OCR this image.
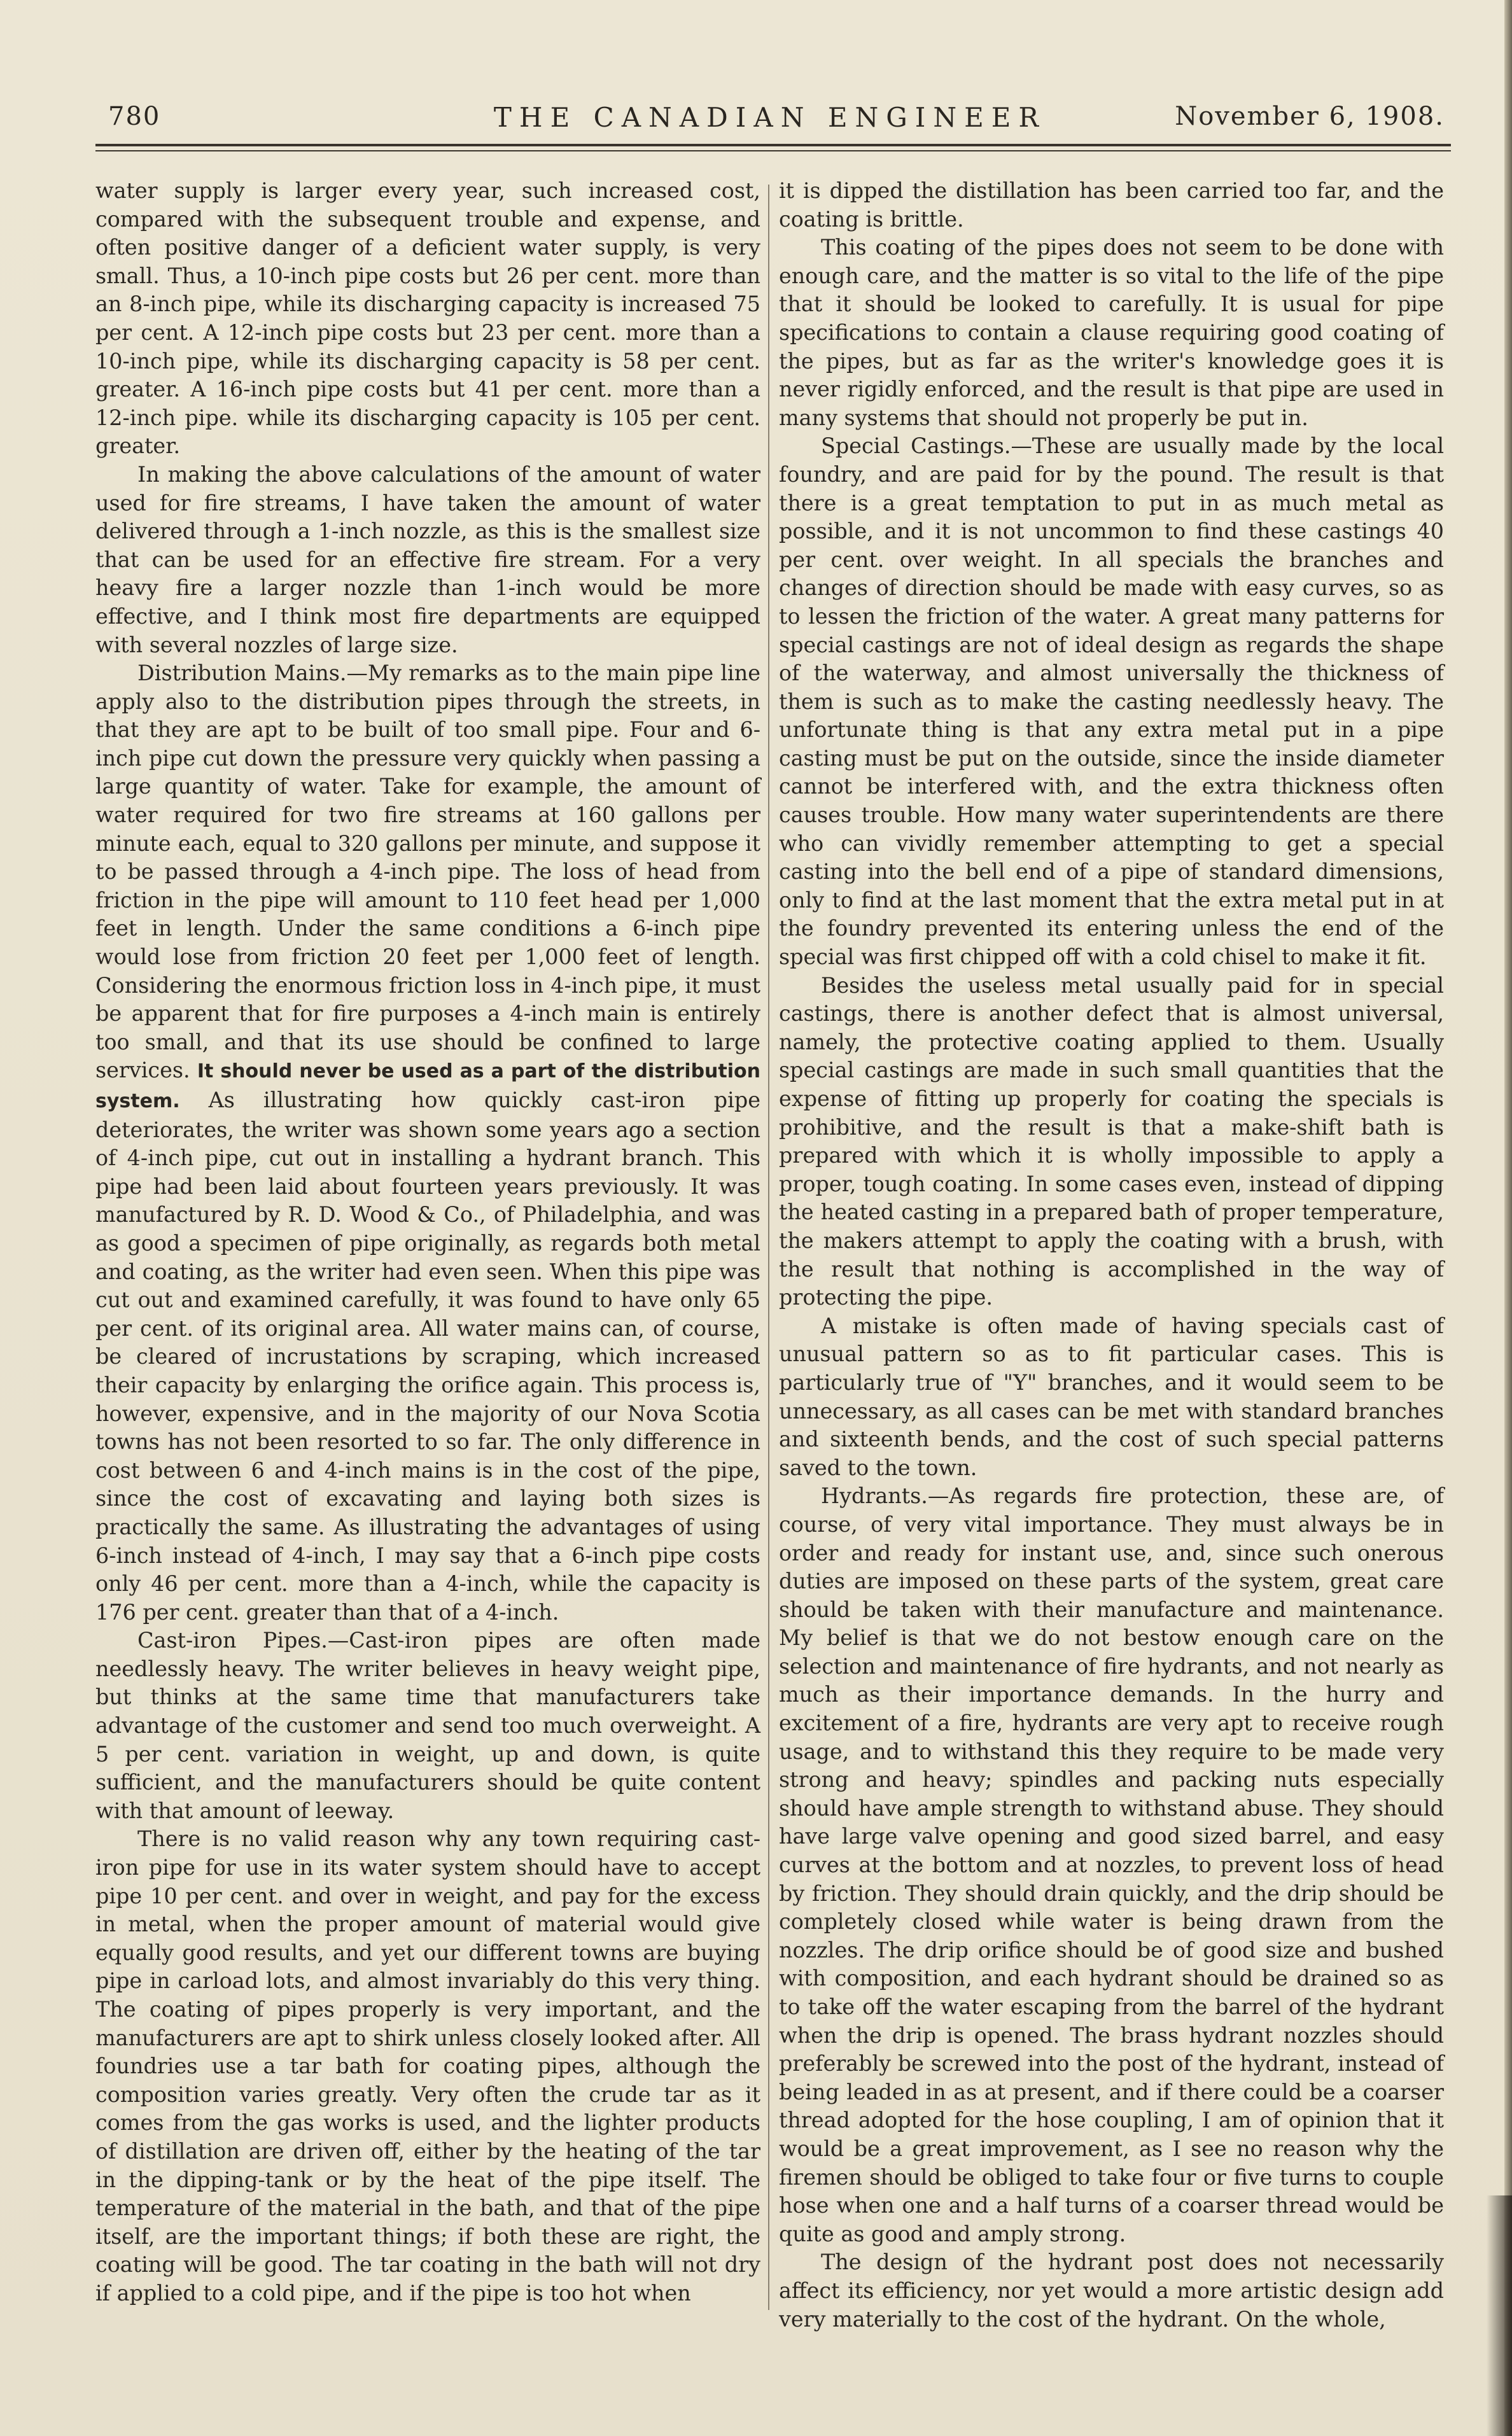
780	THE CANADIAN ENGINEER	November 6, 1908.

water supply is larger every year, such increased cost, compared with the subsequent trouble and expense, and often positive danger of a deficient water supply, is very small. Thus, a 10-inch pipe costs but 26 per cent. more than an 8-inch pipe, while its discharging capacity is increased 75 per cent. A 12-inch pipe costs but 23 per cent. more than a 10-inch pipe, while its discharging capacity is 58 per cent. greater. A 16-inch pipe costs but 41 per cent. more than a 12-inch pipe. while its discharging capacity is 105 per cent. greater.

In making the above calculations of the amount of water used for fire streams, I have taken the amount of water delivered through a 1-inch nozzle, as this is the smallest size that can be used for an effective fire stream. For a very heavy fire a larger nozzle than 1-inch would be more effective, and I think most fire departments are equipped with several nozzles of large size.

Distribution Mains.—My remarks as to the main pipe line apply also to the distribution pipes through the streets, in that they are apt to be built of too small pipe. Four and 6-inch pipe cut down the pressure very quickly when passing a large quantity of water. Take for example, the amount of water required for two fire streams at 160 gallons per minute each, equal to 320 gallons per minute, and suppose it to be passed through a 4-inch pipe. The loss of head from friction in the pipe will amount to 110 feet head per 1,000 feet in length. Under the same conditions a 6-inch pipe would lose from friction 20 feet per 1,000 feet of length. Considering the enormous friction loss in 4-inch pipe, it must be apparent that for fire purposes a 4-inch main is entirely too small, and that its use should be confined to large services. It should never be used as a part of the distribution system. As illustrating how quickly cast-iron pipe deteriorates, the writer was shown some years ago a section of 4-inch pipe, cut out in installing a hydrant branch. This pipe had been laid about fourteen years previously. It was manufactured by R. D. Wood & Co., of Philadelphia, and was as good a specimen of pipe originally, as regards both metal and coating, as the writer had even seen. When this pipe was cut out and examined carefully, it was found to have only 65 per cent. of its original area. All water mains can, of course, be cleared of incrustations by scraping, which increased their capacity by enlarging the orifice again. This process is, however, expensive, and in the majority of our Nova Scotia towns has not been resorted to so far. The only difference in cost between 6 and 4-inch mains is in the cost of the pipe, since the cost of excavating and laying both sizes is practically the same. As illustrating the advantages of using 6-inch instead of 4-inch, I may say that a 6-inch pipe costs only 46 per cent. more than a 4-inch, while the capacity is 176 per cent. greater than that of a 4-inch.

Cast-iron Pipes.—Cast-iron pipes are often made needlessly heavy. The writer believes in heavy weight pipe, but thinks at the same time that manufacturers take advantage of the customer and send too much overweight. A 5 per cent. variation in weight, up and down, is quite sufficient, and the manufacturers should be quite content with that amount of leeway.

There is no valid reason why any town requiring cast-iron pipe for use in its water system should have to accept pipe 10 per cent. and over in weight, and pay for the excess in metal, when the proper amount of material would give equally good results, and yet our different towns are buying pipe in carload lots, and almost invariably do this very thing. The coating of pipes properly is very important, and the manufacturers are apt to shirk unless closely looked after. All foundries use a tar bath for coating pipes, although the composition varies greatly. Very often the crude tar as it comes from the gas works is used, and the lighter products of distillation are driven off, either by the heating of the tar in the dipping-tank or by the heat of the pipe itself. The temperature of the material in the bath, and that of the pipe itself, are the important things; if both these are right, the coating will be good. The tar coating in the bath will not dry if applied to a cold pipe, and if the pipe is too hot when

it is dipped the distillation has been carried too far, and the coating is brittle.

This coating of the pipes does not seem to be done with enough care, and the matter is so vital to the life of the pipe that it should be looked to carefully. It is usual for pipe specifications to contain a clause requiring good coating of the pipes, but as far as the writer's knowledge goes it is never rigidly enforced, and the result is that pipe are used in many systems that should not properly be put in.

Special Castings.—These are usually made by the local foundry, and are paid for by the pound. The result is that there is a great temptation to put in as much metal as possible, and it is not uncommon to find these castings 40 per cent. over weight. In all specials the branches and changes of direction should be made with easy curves, so as to lessen the friction of the water. A great many patterns for special castings are not of ideal design as regards the shape of the waterway, and almost universally the thickness of them is such as to make the casting needlessly heavy. The unfortunate thing is that any extra metal put in a pipe casting must be put on the outside, since the inside diameter cannot be interfered with, and the extra thickness often causes trouble. How many water superintendents are there who can vividly remember attempting to get a special casting into the bell end of a pipe of standard dimensions, only to find at the last moment that the extra metal put in at the foundry prevented its entering unless the end of the special was first chipped off with a cold chisel to make it fit.

Besides the useless metal usually paid for in special castings, there is another defect that is almost universal, namely, the protective coating applied to them. Usually special castings are made in such small quantities that the expense of fitting up properly for coating the specials is prohibitive, and the result is that a make-shift bath is prepared with which it is wholly impossible to apply a proper, tough coating. In some cases even, instead of dipping the heated casting in a prepared bath of proper temperature, the makers attempt to apply the coating with a brush, with the result that nothing is accomplished in the way of protecting the pipe.

A mistake is often made of having specials cast of unusual pattern so as to fit particular cases. This is particularly true of "Y" branches, and it would seem to be unnecessary, as all cases can be met with standard branches and sixteenth bends, and the cost of such special patterns saved to the town.

Hydrants.—As regards fire protection, these are, of course, of very vital importance. They must always be in order and ready for instant use, and, since such onerous duties are imposed on these parts of the system, great care should be taken with their manufacture and maintenance. My belief is that we do not bestow enough care on the selection and maintenance of fire hydrants, and not nearly as much as their importance demands. In the hurry and excitement of a fire, hydrants are very apt to receive rough usage, and to withstand this they require to be made very strong and heavy; spindles and packing nuts especially should have ample strength to withstand abuse. They should have large valve opening and good sized barrel, and easy curves at the bottom and at nozzles, to prevent loss of head by friction. They should drain quickly, and the drip should be completely closed while water is being drawn from the nozzles. The drip orifice should be of good size and bushed with composition, and each hydrant should be drained so as to take off the water escaping from the barrel of the hydrant when the drip is opened. The brass hydrant nozzles should preferably be screwed into the post of the hydrant, instead of being leaded in as at present, and if there could be a coarser thread adopted for the hose coupling, I am of opinion that it would be a great improvement, as I see no reason why the firemen should be obliged to take four or five turns to couple hose when one and a half turns of a coarser thread would be quite as good and amply strong.

The design of the hydrant post does not necessarily affect its efficiency, nor yet would a more artistic design add very materially to the cost of the hydrant. On the whole,
